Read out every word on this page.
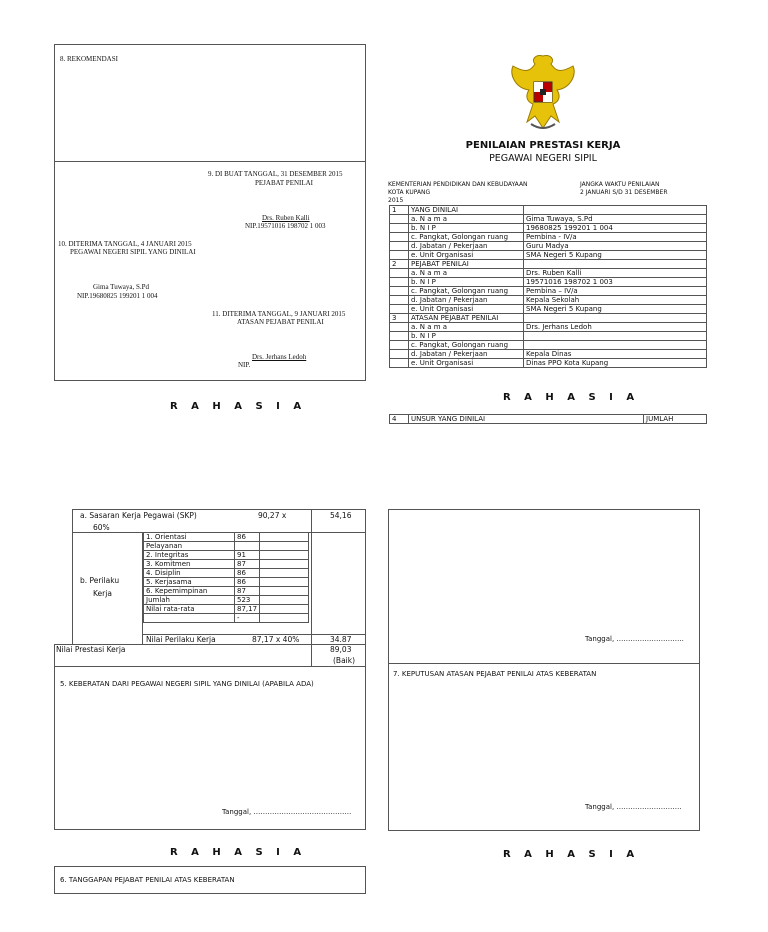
8. REKOMENDASI
9. DI BUAT TANGGAL, 31 DESEMBER 2015
PEJABAT PENILAI
Drs. Ruben Kalli
NIP.19571016 198702 1 003
10. DITERIMA TANGGAL, 4 JANUARI 2015
PEGAWAI NEGERI SIPIL YANG DINILAI
Gima Tuwaya, S.Pd
NIP.19680825 199201 1 004
11. DITERIMA TANGGAL, 9 JANUARI 2015
ATASAN PEJABAT PENILAI
Drs. Jerhans Ledoh
NIP.
R A H A S I A
PENILAIAN PRESTASI KERJA
PEGAWAI NEGERI SIPIL
KEMENTERIAN PENDIDIKAN DAN KEBUDAYAAN
KOTA KUPANG
2015
JANGKA WAKTU PENILAIAN
2 JANUARI S/D 31 DESEMBER
1	YANG DINILAI	
	a. N a m a	Gima Tuwaya, S.Pd
	b. N I P	19680825 199201 1 004
	c. Pangkat, Golongan ruang	Pembina - IV/a
	d. Jabatan / Pekerjaan	Guru Madya
	e. Unit Organisasi	SMA Negeri 5 Kupang
2	PEJABAT PENILAI	
	a. N a m a	Drs. Ruben Kalli
	b. N I P	19571016 198702 1 003
	c. Pangkat, Golongan ruang	Pembina – IV/a
	d. Jabatan / Pekerjaan	Kepala Sekolah
	e. Unit Organisasi	SMA Negeri 5 Kupang
3	ATASAN PEJABAT PENILAI	
	a. N a m a	Drs. Jerhans Ledoh
	b. N I P	
	c. Pangkat, Golongan ruang	
	d. Jabatan / Pekerjaan	Kepala Dinas
	e. Unit Organisasi	Dinas PPO Kota Kupang
R A H A S I A
4	UNSUR YANG DINILAI	JUMLAH
a. Sasaran Kerja Pegawai (SKP)
60%
90,27 x	54,16
b. Perilaku
Kerja
1. Orientasi	86	
Pelayanan		
2. Integritas	91	
3. Komitmen	87	
4. Disiplin	86	
5. Kerjasama	86	
6. Kepemimpinan	87	
Jumlah	523	
Nilai rata-rata	87,17	
	-	
Nilai Perilaku Kerja	87,17 x 40%	34.87
Nilai Prestasi Kerja	89,03
(Baik)
5. KEBERATAN DARI PEGAWAI NEGERI SIPIL YANG DINILAI (APABILA ADA)
Tanggal, ……………………………………
R A H A S I A
6. TANGGAPAN PEJABAT PENILAI ATAS KEBERATAN
Tanggal, ………………………..
7. KEPUTUSAN ATASAN PEJABAT PENILAI ATAS KEBERATAN
Tanggal, ……………………….
R A H A S I A
